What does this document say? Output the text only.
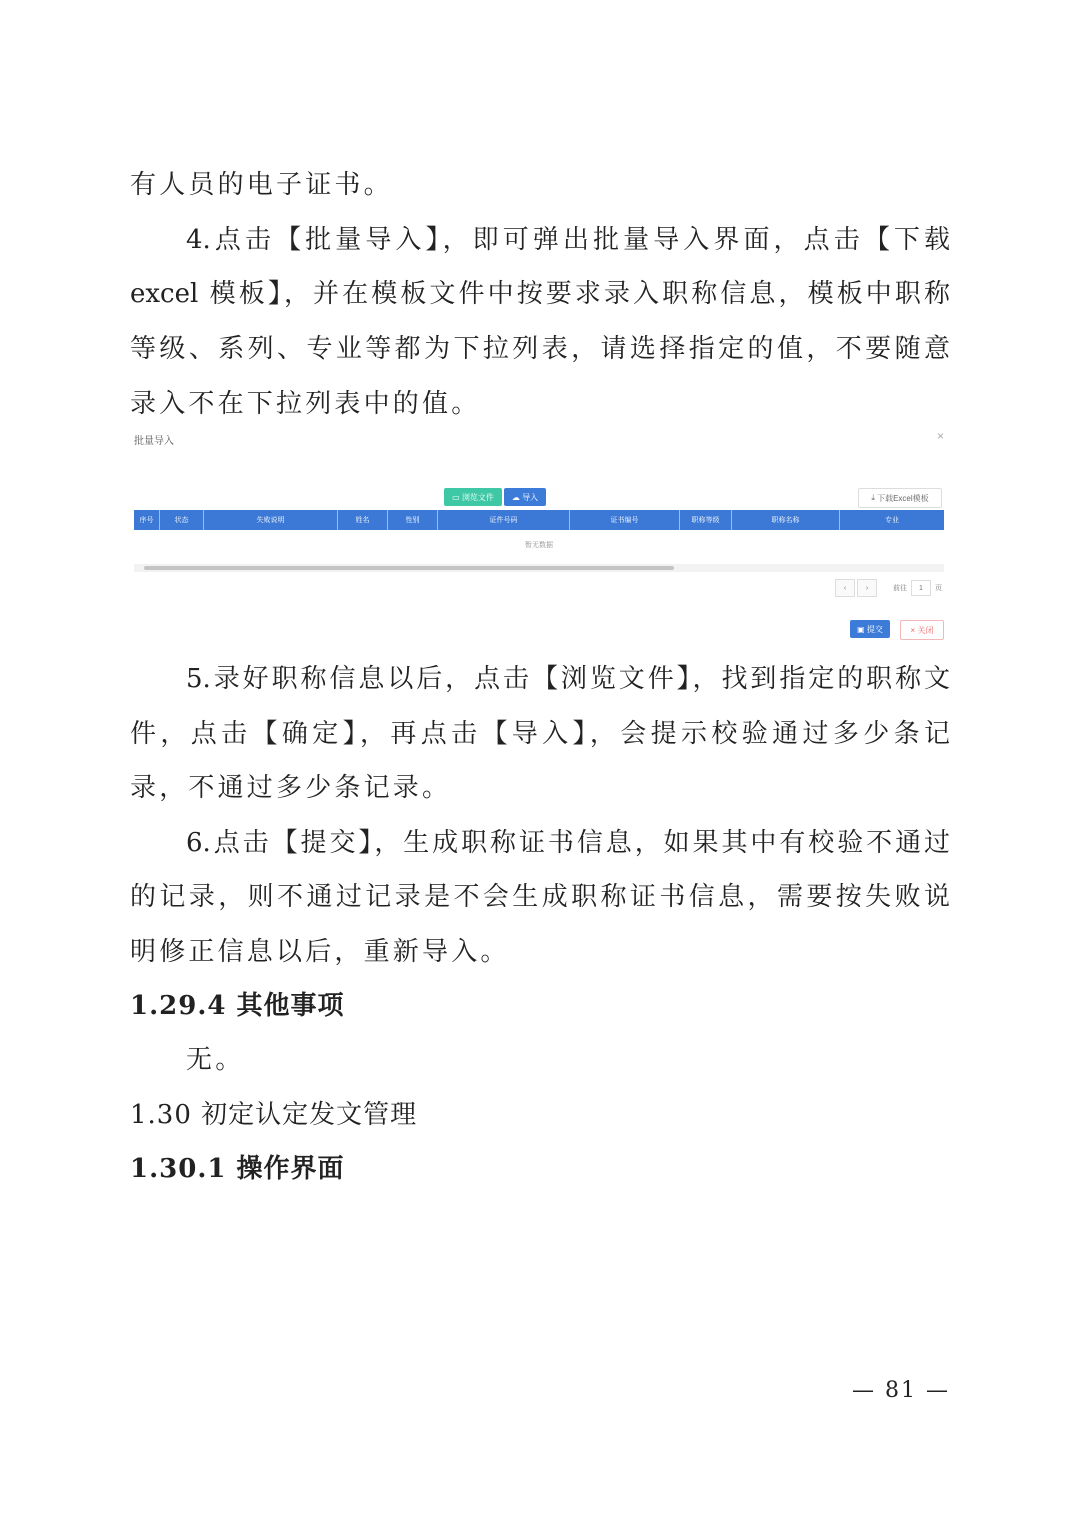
有人员的电子证书。
4.点击【批量导入】，即可弹出批量导入界面，点击【下载
excel 模板】，并在模板文件中按要求录入职称信息，模板中职称
等级、系列、专业等都为下拉列表，请选择指定的值，不要随意
录入不在下拉列表中的值。
批量导入	×
▭ 浏览文件 ☁ 导入	⤓ 下载Excel模板
序号	状态	失败说明	姓名	性别	证件号码	证书编号	职称等级	职称名称	专业
暂无数据
‹	›	前往	1	页
▣ 提交	× 关闭
5.录好职称信息以后，点击【浏览文件】，找到指定的职称文
件，点击【确定】，再点击【导入】，会提示校验通过多少条记
录，不通过多少条记录。
6.点击【提交】，生成职称证书信息，如果其中有校验不通过
的记录，则不通过记录是不会生成职称证书信息，需要按失败说
明修正信息以后，重新导入。
1.29.4 其他事项
无。
1.30 初定认定发文管理
1.30.1 操作界面
— 81 —
